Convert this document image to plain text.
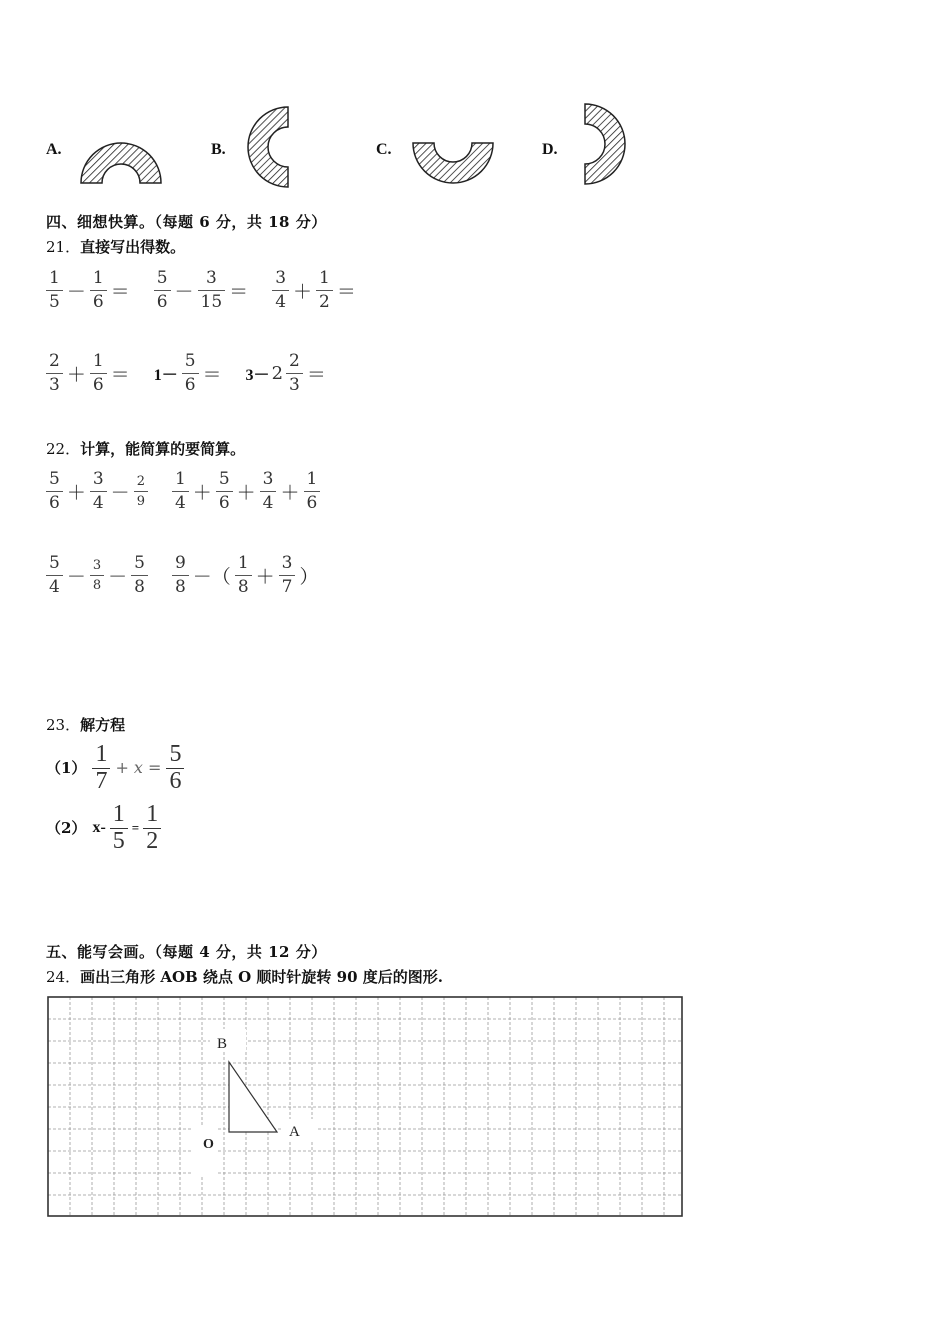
A.	B.	C.	D.
四、细想快算。（每题 6 分，共 18 分）
21．直接写出得数。
$\frac{1}{5} - \frac{1}{6} = \frac{5}{6} - \frac{3}{15} = \frac{3}{4} + \frac{1}{2}$ ＝
$\frac{2}{3} + \frac{1}{6} = 1- \frac{5}{6} = 3- 2 \frac{2}{3}$ ＝
22．计算，能简算的要简算。
$\frac{5}{6} + \frac{3}{4} - \frac{2}{9} \frac{1}{4} + \frac{5}{6} + \frac{3}{4} + \frac{1}{6}$
$\frac{5}{4} - \frac{3}{8} - \frac{5}{8} \frac{9}{8}$ －（ $\frac{1}{8} + \frac{3}{7}$ ）
23．解方程
$(1) \frac{1}{7} + x = \frac{5}{6}$
（2） $x- \frac{1}{5} = \frac{1}{2}$
五、能写会画。（每题 4 分，共 12 分）
24．画出三角形 AOB 绕点 O 顺时针旋转 90 度后的图形.
B
A
O
